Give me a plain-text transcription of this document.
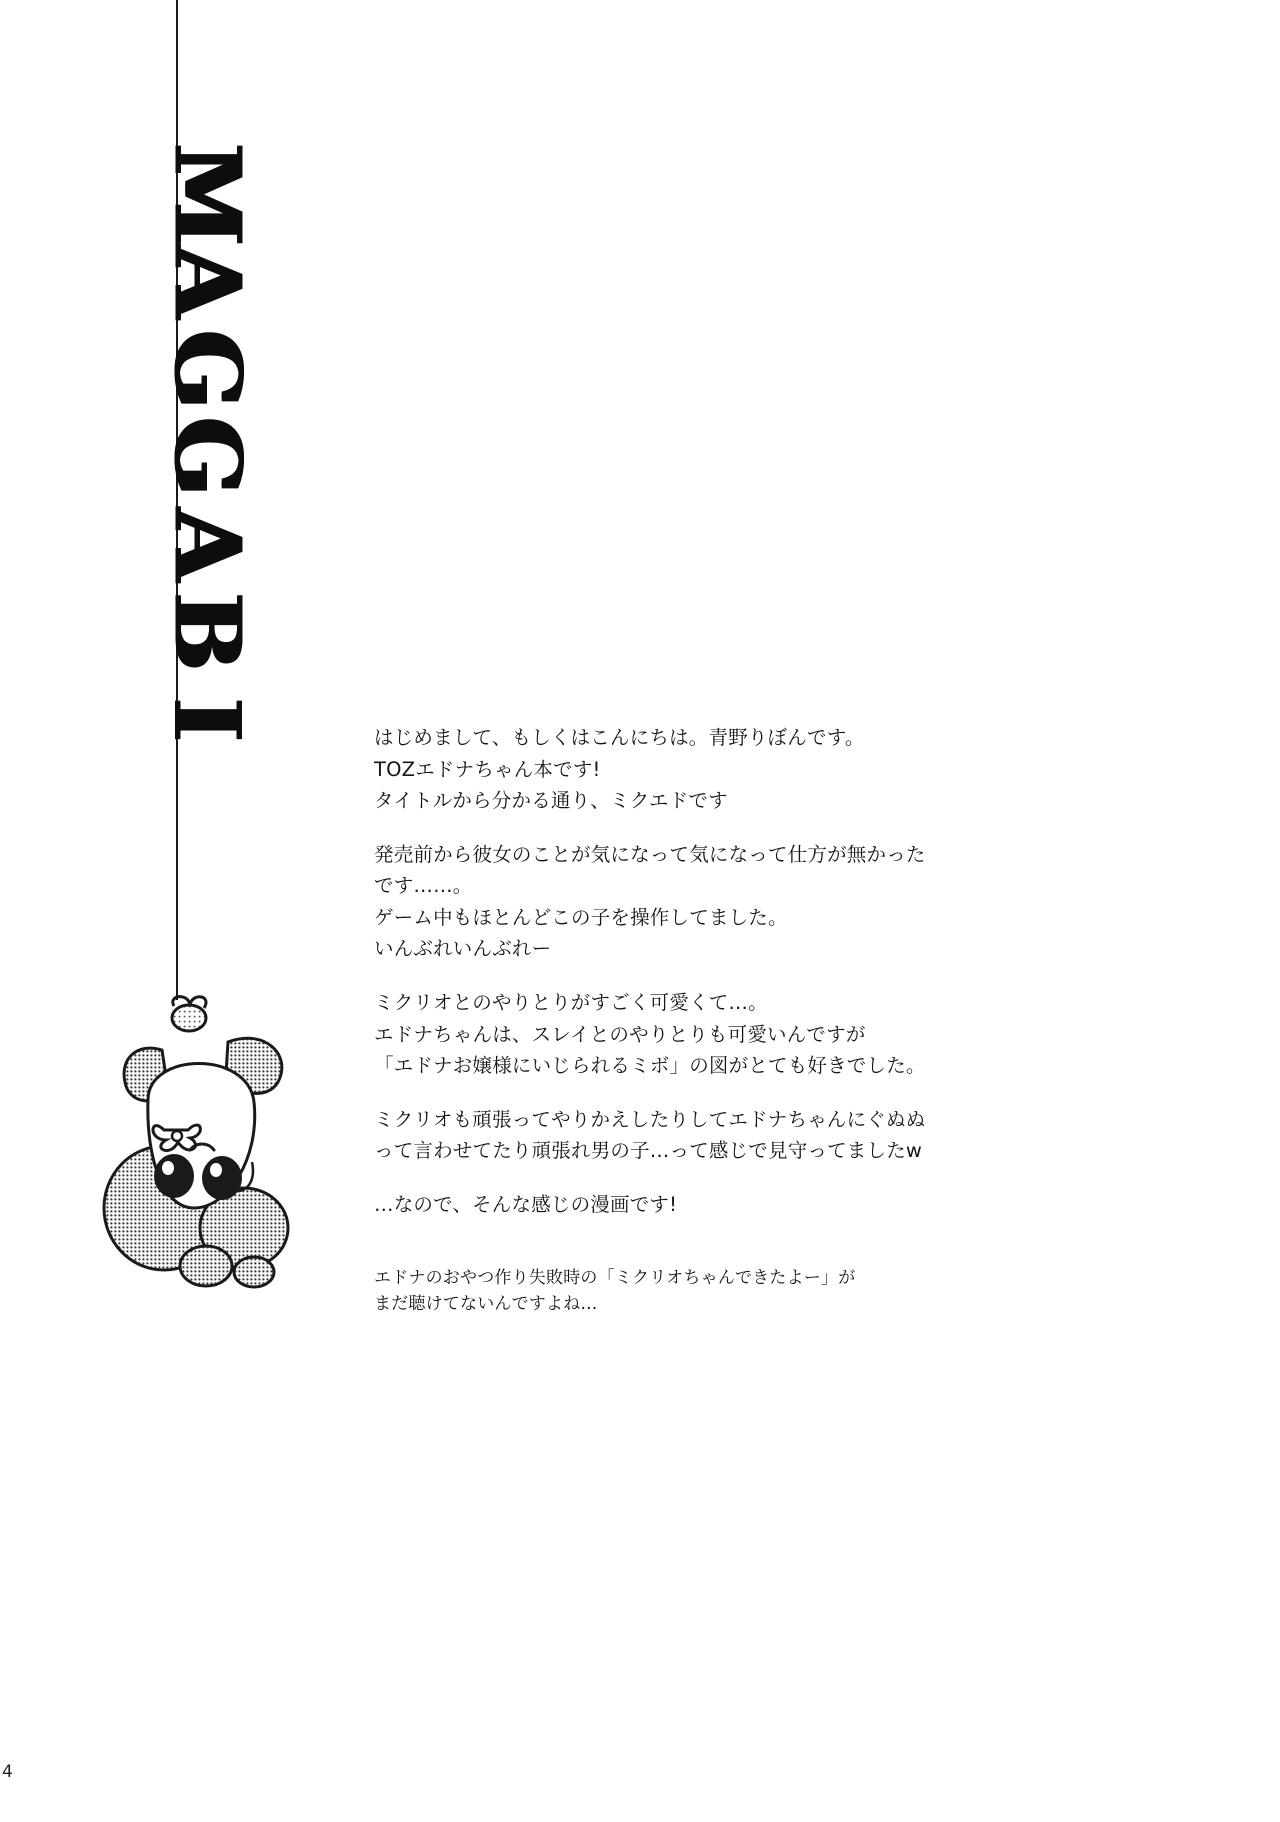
M
A
G
G
A
B
I	はじめまして、もしくはこんにちは。青野りぼんです。
TOZエドナちゃん本です!
タイトルから分かる通り、ミクエドです

発売前から彼女のことが気になって気になって仕方が無かった
です……。
ゲーム中もほとんどこの子を操作してました。
いんぶれいんぶれー

ミクリオとのやりとりがすごく可愛くて…。
エドナちゃんは、スレイとのやりとりも可愛いんですが
「エドナお嬢様にいじられるミボ」の図がとても好きでした。

ミクリオも頑張ってやりかえしたりしてエドナちゃんにぐぬぬ
って言わせてたり頑張れ男の子…って感じで見守ってましたw

…なので、そんな感じの漫画です!

エドナのおやつ作り失敗時の「ミクリオちゃんできたよー」が
まだ聴けてないんですよね…

4
